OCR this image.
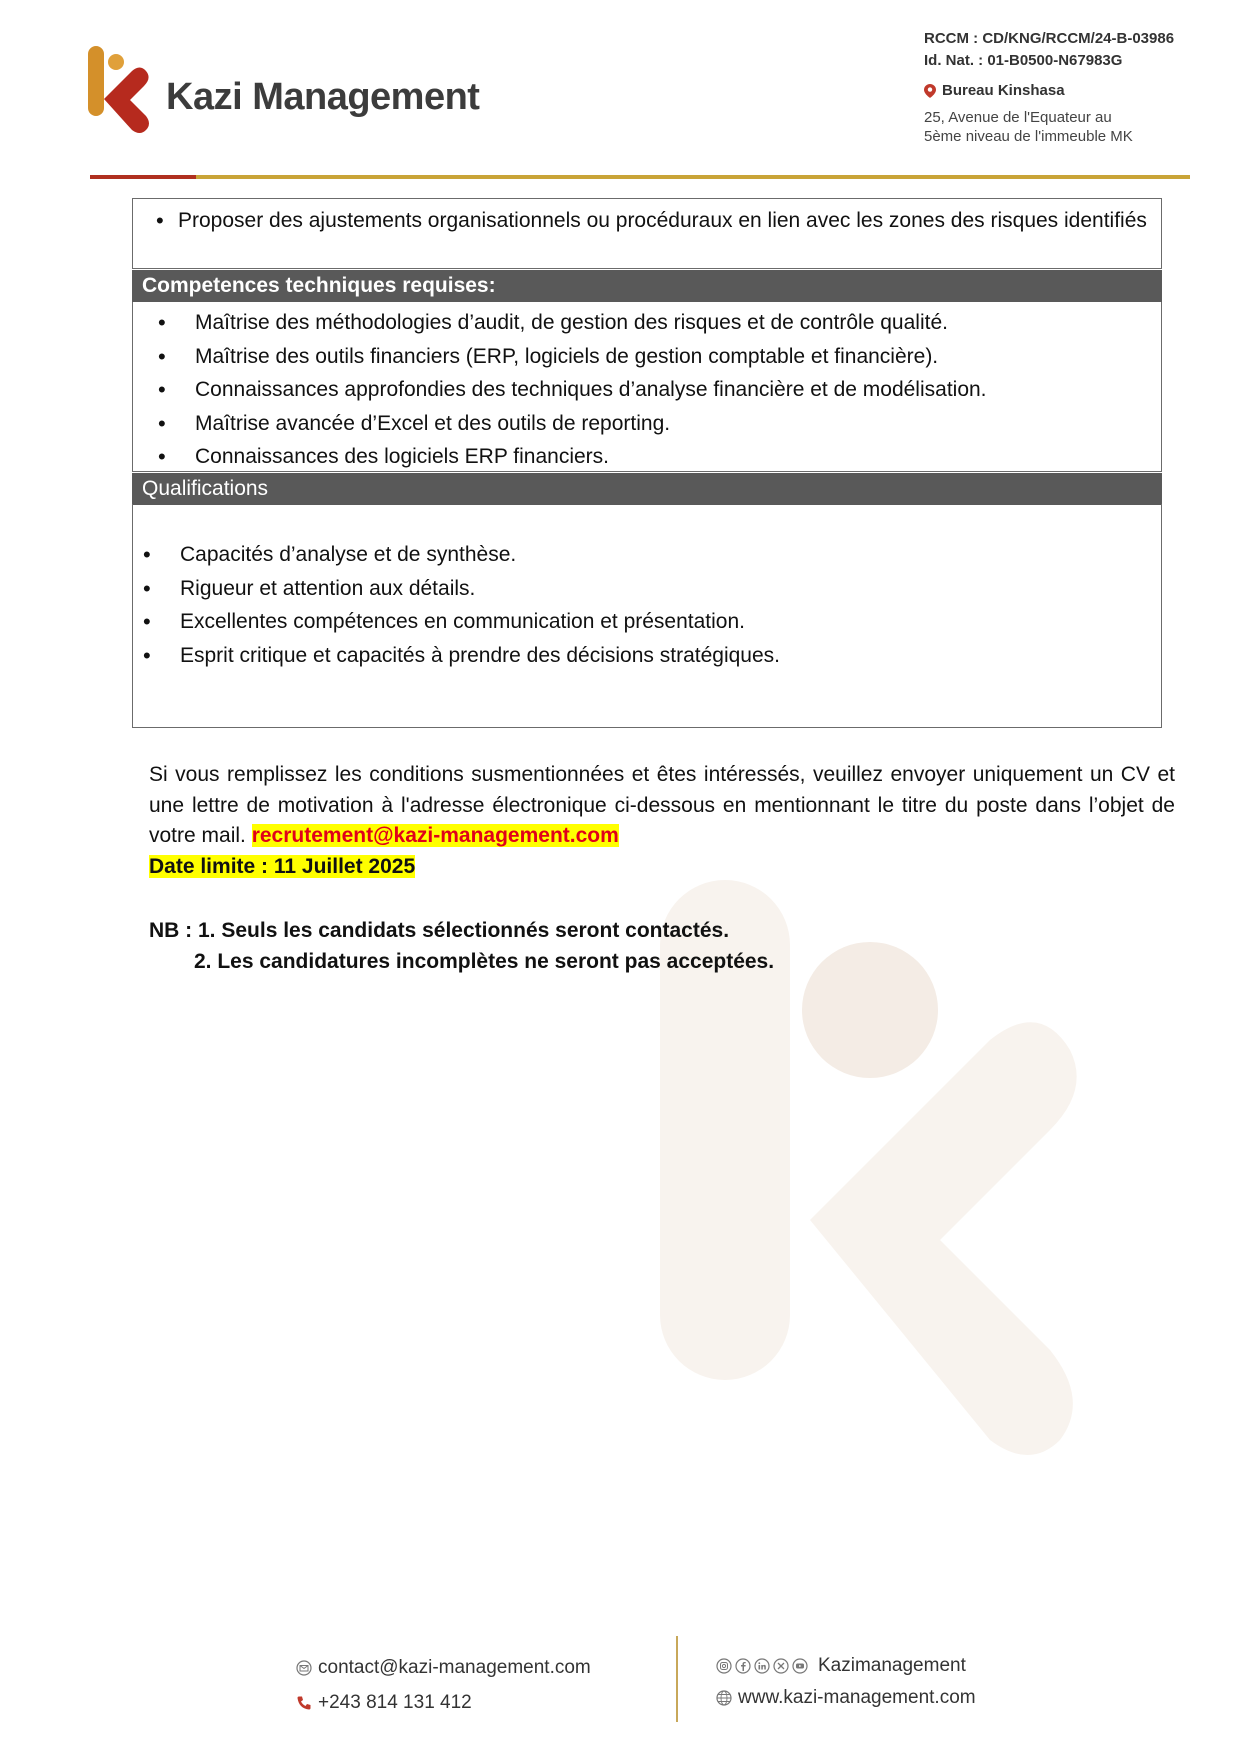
Kazi Management
RCCM : CD/KNG/RCCM/24-B-03986
Id. Nat. : 01-B0500-N67983G
Bureau Kinshasa
25, Avenue de l'Equateur au
5ème niveau de l'immeuble MK
• Proposer des ajustements organisationnels ou procéduraux en lien avec les zones des risques identifiés
Competences techniques requises:
• Maîtrise des méthodologies d’audit, de gestion des risques et de contrôle qualité.
• Maîtrise des outils financiers (ERP, logiciels de gestion comptable et financière).
• Connaissances approfondies des techniques d’analyse financière et de modélisation.
• Maîtrise avancée d’Excel et des outils de reporting.
• Connaissances des logiciels ERP financiers.
Qualifications
• Capacités d’analyse et de synthèse.
• Rigueur et attention aux détails.
• Excellentes compétences en communication et présentation.
• Esprit critique et capacités à prendre des décisions stratégiques.
Si vous remplissez les conditions susmentionnées et êtes intéressés, veuillez envoyer uniquement un CV et une lettre de motivation à l'adresse électronique ci-dessous en mentionnant le titre du poste dans l’objet de votre mail. recrutement@kazi-management.com
Date limite : 11 Juillet 2025
NB : 1. Seuls les candidats sélectionnés seront contactés.
2. Les candidatures incomplètes ne seront pas acceptées.
contact@kazi-management.com
+243 814 131 412
Kazimanagement
www.kazi-management.com
